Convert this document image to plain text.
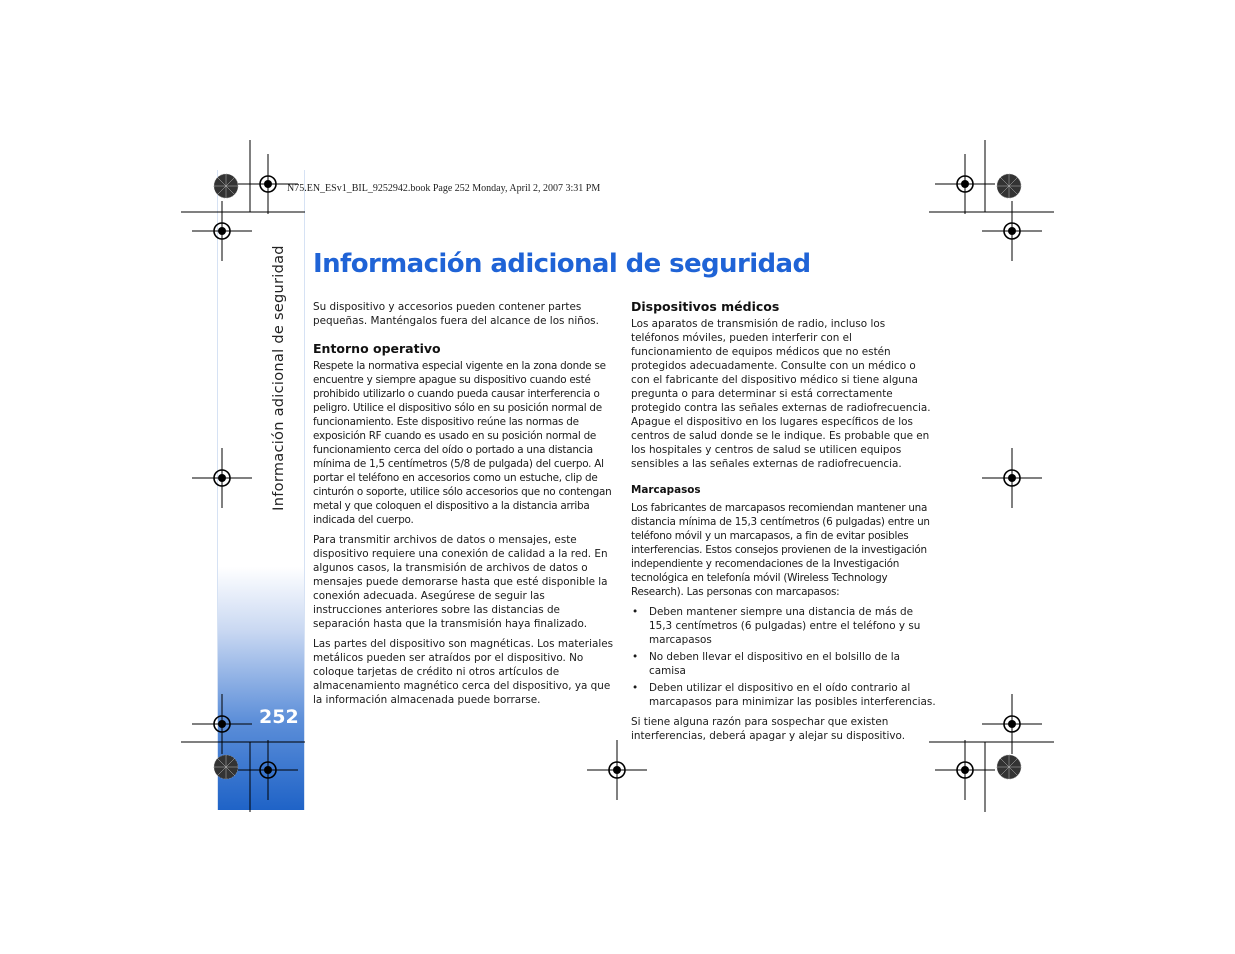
Información adicional de seguridad
252
N75.EN_ESv1_BIL_9252942.book Page 252 Monday, April 2, 2007 3:31 PM
Información adicional de seguridad

Su dispositivo y accesorios pueden contener partes pequeñas. Manténgalos fuera del alcance de los niños.

Entorno operativo

Respete la normativa especial vigente en la zona donde se encuentre y siempre apague su dispositivo cuando esté prohibido utilizarlo o cuando pueda causar interferencia o peligro. Utilice el dispositivo sólo en su posición normal de funcionamiento. Este dispositivo reúne las normas de exposición RF cuando es usado en su posición normal de funcionamiento cerca del oído o portado a una distancia mínima de 1,5 centímetros (5/8 de pulgada) del cuerpo. Al portar el teléfono en accesorios como un estuche, clip de cinturón o soporte, utilice sólo accesorios que no contengan metal y que coloquen el dispositivo a la distancia arriba indicada del cuerpo.

Para transmitir archivos de datos o mensajes, este dispositivo requiere una conexión de calidad a la red. En algunos casos, la transmisión de archivos de datos o mensajes puede demorarse hasta que esté disponible la conexión adecuada. Asegúrese de seguir las instrucciones anteriores sobre las distancias de separación hasta que la transmisión haya finalizado.

Las partes del dispositivo son magnéticas. Los materiales metálicos pueden ser atraídos por el dispositivo. No coloque tarjetas de crédito ni otros artículos de almacenamiento magnético cerca del dispositivo, ya que la información almacenada puede borrarse.

Dispositivos médicos

Los aparatos de transmisión de radio, incluso los teléfonos móviles, pueden interferir con el funcionamiento de equipos médicos que no estén protegidos adecuadamente. Consulte con un médico o con el fabricante del dispositivo médico si tiene alguna pregunta o para determinar si está correctamente protegido contra las señales externas de radiofrecuencia. Apague el dispositivo en los lugares específicos de los centros de salud donde se le indique. Es probable que en los hospitales y centros de salud se utilicen equipos sensibles a las señales externas de radiofrecuencia.

Marcapasos

Los fabricantes de marcapasos recomiendan mantener una distancia mínima de 15,3 centímetros (6 pulgadas) entre un teléfono móvil y un marcapasos, a fin de evitar posibles interferencias. Estos consejos provienen de la investigación independiente y recomendaciones de la Investigación tecnológica en telefonía móvil (Wireless Technology Research). Las personas con marcapasos:

• Deben mantener siempre una distancia de más de 15,3 centímetros (6 pulgadas) entre el teléfono y su marcapasos
• No deben llevar el dispositivo en el bolsillo de la camisa
• Deben utilizar el dispositivo en el oído contrario al marcapasos para minimizar las posibles interferencias.

Si tiene alguna razón para sospechar que existen interferencias, deberá apagar y alejar su dispositivo.
